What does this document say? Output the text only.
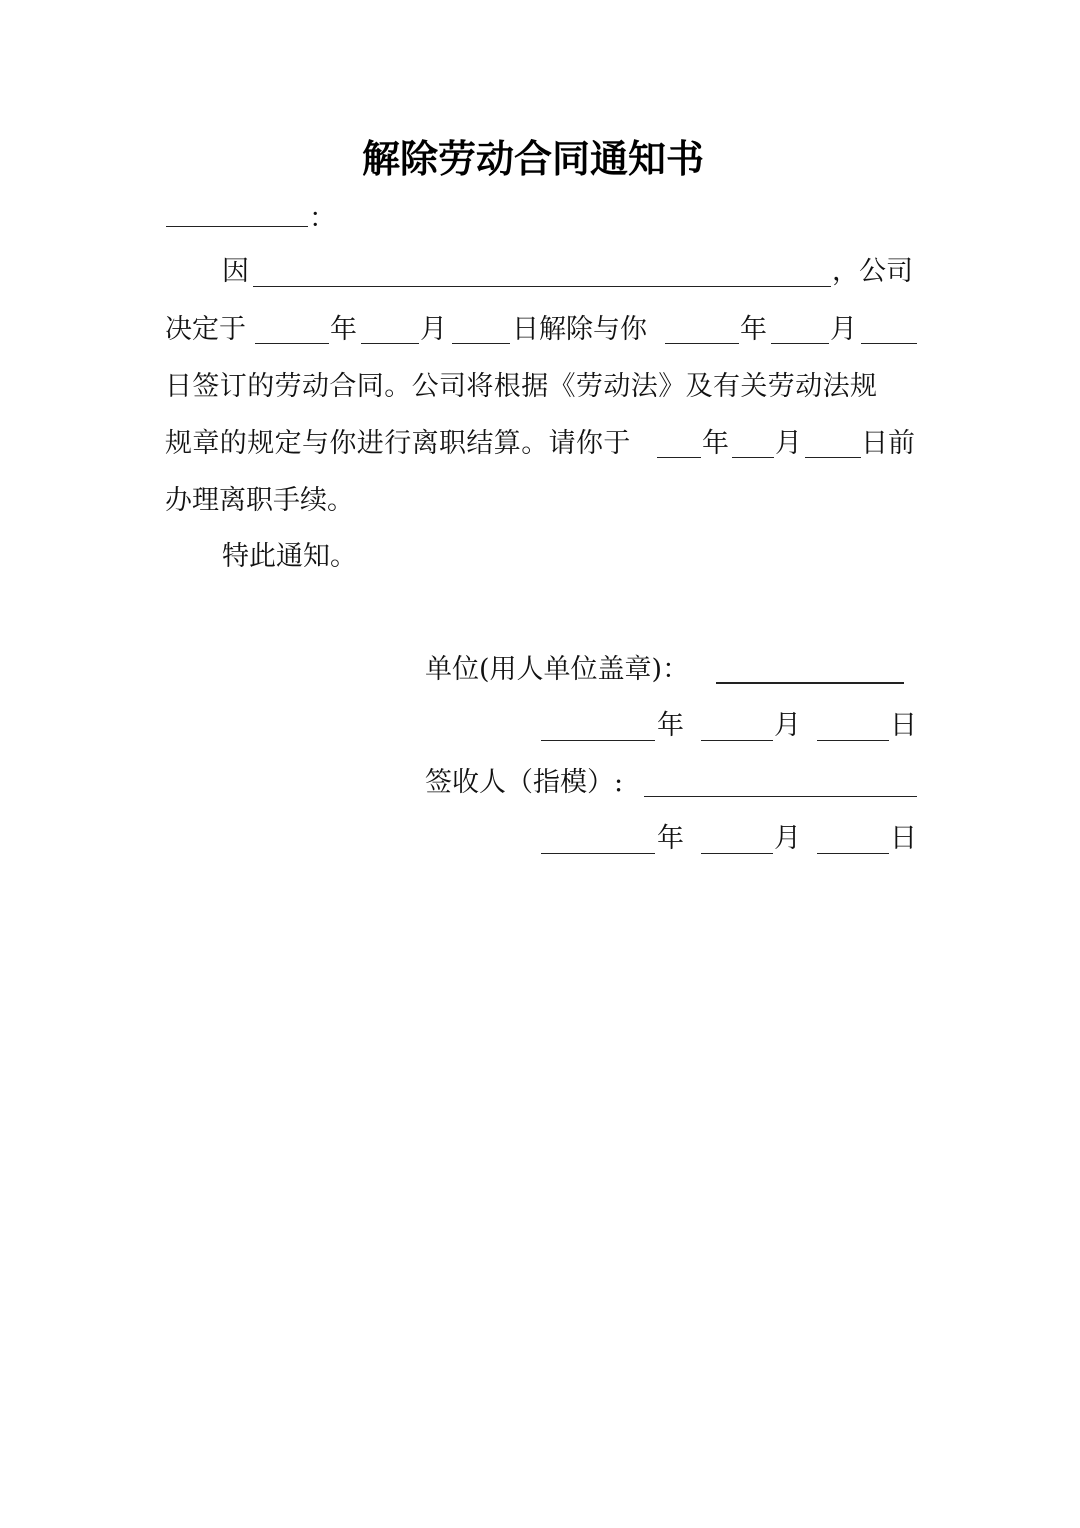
解除劳动合同通知书
：
因	，公司
决定于	年 月 日解除与你	年 月
日签订的劳动合同。公司将根据《劳动法》及有关劳动法规
规章的规定与你进行离职结算。请你于	年 月 日前
办理离职手续。
特此通知。
单位(用人单位盖章)：
年	月	日
签收人（指模）:
年	月	日
